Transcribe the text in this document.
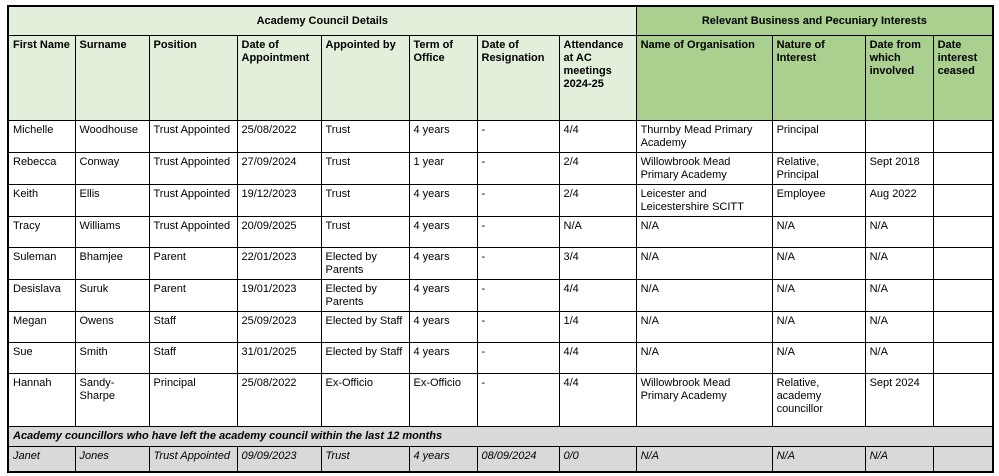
Academy Council Details								Relevant Business and Pecuniary Interests			
First Name	Surname	Position	Date of Appointment	Appointed by	Term of Office	Date of Resignation	Attendance at AC meetings 2024-25	Name of Organisation	Nature of Interest	Date from which involved	Date interest ceased
Michelle	Woodhouse	Trust Appointed	25/08/2022	Trust	4 years	-	4/4	Thurnby Mead Primary Academy	Principal		
Rebecca	Conway	Trust Appointed	27/09/2024	Trust	1 year	-	2/4	Willowbrook Mead Primary Academy	Relative, Principal	Sept 2018	
Keith	Ellis	Trust Appointed	19/12/2023	Trust	4 years	-	2/4	Leicester and Leicestershire SCITT	Employee	Aug 2022	
Tracy	Williams	Trust Appointed	20/09/2025	Trust	4 years	-	N/A	N/A	N/A	N/A	
Suleman	Bhamjee	Parent	22/01/2023	Elected by Parents	4 years	-	3/4	N/A	N/A	N/A	
Desislava	Suruk	Parent	19/01/2023	Elected by Parents	4 years	-	4/4	N/A	N/A	N/A	
Megan	Owens	Staff	25/09/2023	Elected by Staff	4 years	-	1/4	N/A	N/A	N/A	
Sue	Smith	Staff	31/01/2025	Elected by Staff	4 years	-	4/4	N/A	N/A	N/A	
Hannah	Sandy-Sharpe	Principal	25/08/2022	Ex-Officio	Ex-Officio	-	4/4	Willowbrook Mead Primary Academy	Relative, academy councillor	Sept 2024	
Academy councillors who have left the academy council within the last 12 months											
Janet	Jones	Trust Appointed	09/09/2023	Trust	4 years	08/09/2024	0/0	N/A	N/A	N/A	
